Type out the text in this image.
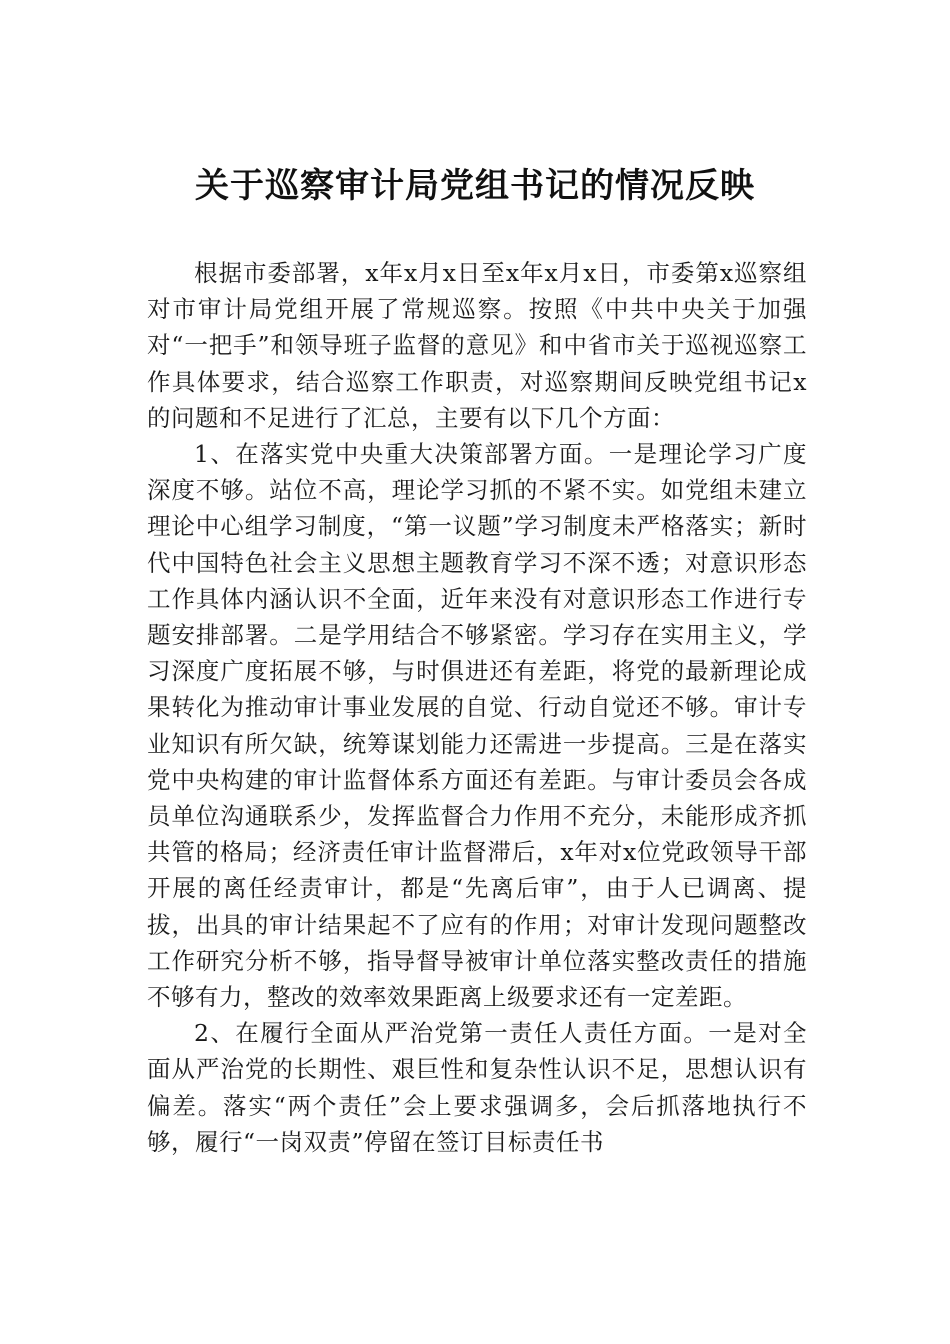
关于巡察审计局党组书记的情况反映

根据市委部署，x年x月x日至x年x月x日，市委第x巡察组对市审计局党组开展了常规巡察。按照《中共中央关于加强对“一把手”和领导班子监督的意见》和中省市关于巡视巡察工作具体要求，结合巡察工作职责，对巡察期间反映党组书记x的问题和不足进行了汇总，主要有以下几个方面：

1、在落实党中央重大决策部署方面。一是理论学习广度深度不够。站位不高，理论学习抓的不紧不实。如党组未建立理论中心组学习制度，“第一议题”学习制度未严格落实；新时代中国特色社会主义思想主题教育学习不深不透；对意识形态工作具体内涵认识不全面，近年来没有对意识形态工作进行专题安排部署。二是学用结合不够紧密。学习存在实用主义，学习深度广度拓展不够，与时俱进还有差距，将党的最新理论成果转化为推动审计事业发展的自觉、行动自觉还不够。审计专业知识有所欠缺，统筹谋划能力还需进一步提高。三是在落实党中央构建的审计监督体系方面还有差距。与审计委员会各成员单位沟通联系少，发挥监督合力作用不充分，未能形成齐抓共管的格局；经济责任审计监督滞后，x年对x位党政领导干部开展的离任经责审计，都是“先离后审”，由于人已调离、提拔，出具的审计结果起不了应有的作用；对审计发现问题整改工作研究分析不够，指导督导被审计单位落实整改责任的措施不够有力，整改的效率效果距离上级要求还有一定差距。

2、在履行全面从严治党第一责任人责任方面。一是对全面从严治党的长期性、艰巨性和复杂性认识不足，思想认识有偏差。落实“两个责任”会上要求强调多，会后抓落地执行不够，履行“一岗双责”停留在签订目标责任书
